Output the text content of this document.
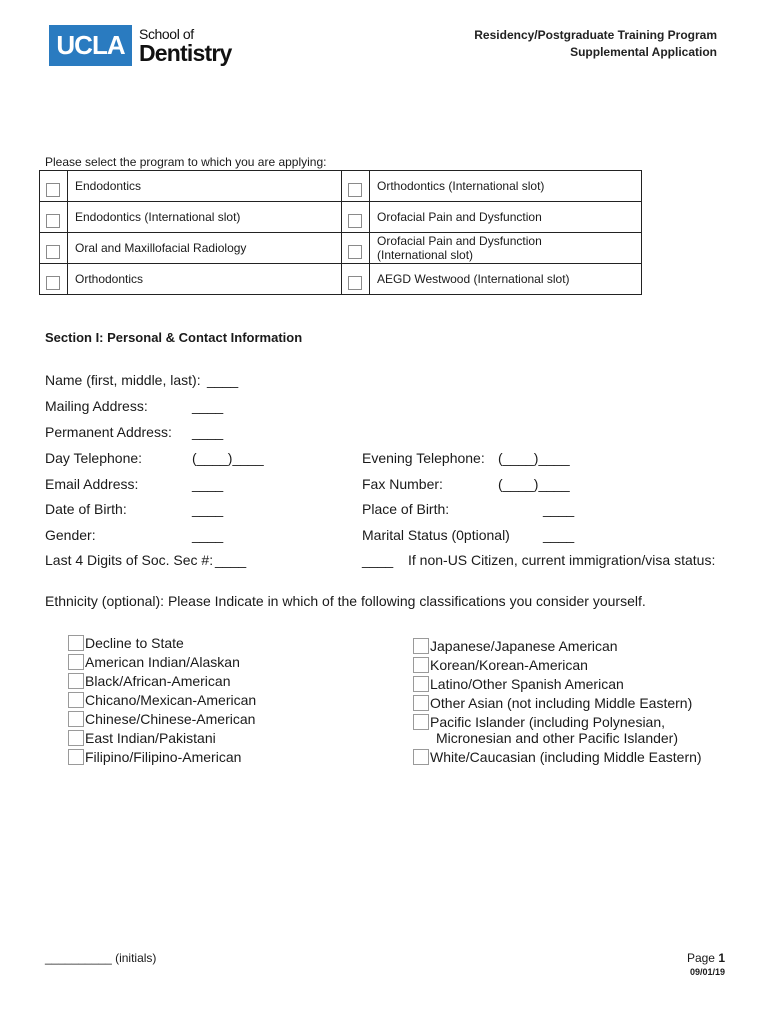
UCLA	School of
Dentistry
Residency/Postgraduate Training Program
Supplemental Application
Please select the program to which you are applying:
	Endodontics		Orthodontics (International slot)
	Endodontics (International slot)		Orofacial Pain and Dysfunction
	Oral and Maxillofacial Radiology		Orofacial Pain and Dysfunction
(International slot)

	Orthodontics		AEGD Westwood (International slot)
Section I: Personal & Contact Information
Name (first, middle, last): ____
Mailing Address:	____
Permanent Address: ____
Day Telephone:	(____)____	Evening Telephone: (____)____
Email Address:	____	Fax Number:	(____)____
Date of Birth:	____	Place of Birth:	____
Gender:	____	Marital Status (0ptional) ____
Last 4 Digits of Soc. Sec #: ____	____ If non-US Citizen, current immigration/visa status:
Ethnicity (optional): Please Indicate in which of the following classifications you consider yourself.
Decline to State
American Indian/Alaskan
Black/African-American
Chicano/Mexican-American
Chinese/Chinese-American
East Indian/Pakistani
Filipino/Filipino-American
Japanese/Japanese American
Korean/Korean-American
Latino/Other Spanish American
Other Asian (not including Middle Eastern)
Pacific Islander (including Polynesian,
Micronesian and other Pacific Islander)
White/Caucasian (including Middle Eastern)
__________ (initials)	Page 1
09/01/19
